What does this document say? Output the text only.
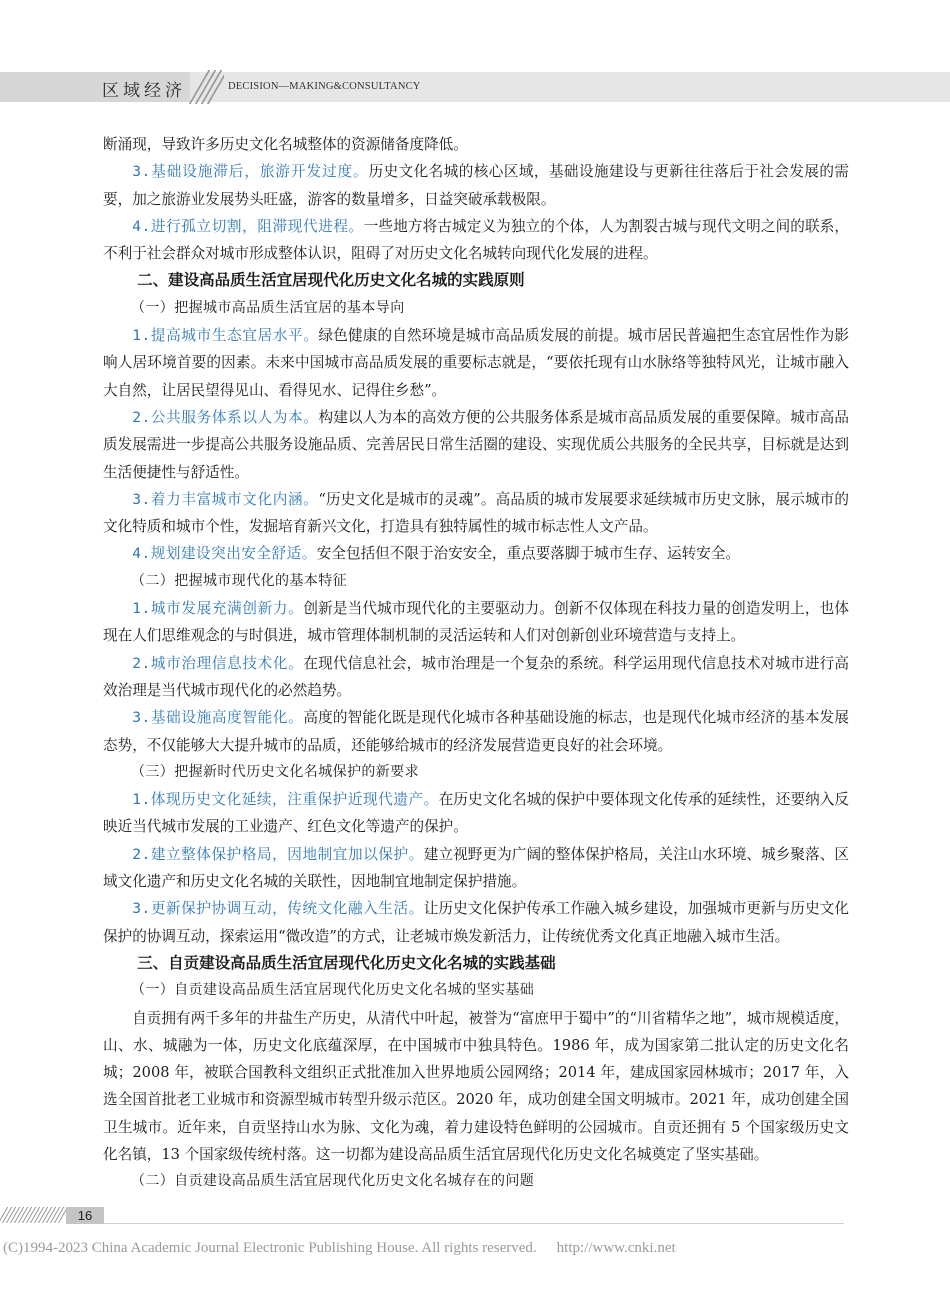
区域经济	DECISION—MAKING&CONSULTANCY

断涌现，导致许多历史文化名城整体的资源储备度降低。

3.基础设施滞后，旅游开发过度。历史文化名城的核心区域，基础设施建设与更新往往落后于社会发展的需要，加之旅游业发展势头旺盛，游客的数量增多，日益突破承载极限。

4.进行孤立切割，阻滞现代进程。一些地方将古城定义为独立的个体，人为割裂古城与现代文明之间的联系，不利于社会群众对城市形成整体认识，阻碍了对历史文化名城转向现代化发展的进程。

二、建设高品质生活宜居现代化历史文化名城的实践原则

（一）把握城市高品质生活宜居的基本导向

1.提高城市生态宜居水平。绿色健康的自然环境是城市高品质发展的前提。城市居民普遍把生态宜居性作为影响人居环境首要的因素。未来中国城市高品质发展的重要标志就是，“要依托现有山水脉络等独特风光，让城市融入大自然，让居民望得见山、看得见水、记得住乡愁”。

2.公共服务体系以人为本。构建以人为本的高效方便的公共服务体系是城市高品质发展的重要保障。城市高品质发展需进一步提高公共服务设施品质、完善居民日常生活圈的建设、实现优质公共服务的全民共享，目标就是达到生活便捷性与舒适性。

3.着力丰富城市文化内涵。“历史文化是城市的灵魂”。高品质的城市发展要求延续城市历史文脉，展示城市的文化特质和城市个性，发掘培育新兴文化，打造具有独特属性的城市标志性人文产品。

4.规划建设突出安全舒适。安全包括但不限于治安安全，重点要落脚于城市生存、运转安全。

（二）把握城市现代化的基本特征

1.城市发展充满创新力。创新是当代城市现代化的主要驱动力。创新不仅体现在科技力量的创造发明上，也体现在人们思维观念的与时俱进，城市管理体制机制的灵活运转和人们对创新创业环境营造与支持上。

2.城市治理信息技术化。在现代信息社会，城市治理是一个复杂的系统。科学运用现代信息技术对城市进行高效治理是当代城市现代化的必然趋势。

3.基础设施高度智能化。高度的智能化既是现代化城市各种基础设施的标志，也是现代化城市经济的基本发展态势，不仅能够大大提升城市的品质，还能够给城市的经济发展营造更良好的社会环境。

（三）把握新时代历史文化名城保护的新要求

1.体现历史文化延续，注重保护近现代遗产。在历史文化名城的保护中要体现文化传承的延续性，还要纳入反映近当代城市发展的工业遗产、红色文化等遗产的保护。

2.建立整体保护格局，因地制宜加以保护。建立视野更为广阔的整体保护格局，关注山水环境、城乡聚落、区域文化遗产和历史文化名城的关联性，因地制宜地制定保护措施。

3.更新保护协调互动，传统文化融入生活。让历史文化保护传承工作融入城乡建设，加强城市更新与历史文化保护的协调互动，探索运用“微改造”的方式，让老城市焕发新活力，让传统优秀文化真正地融入城市生活。

三、自贡建设高品质生活宜居现代化历史文化名城的实践基础

（一）自贡建设高品质生活宜居现代化历史文化名城的坚实基础

自贡拥有两千多年的井盐生产历史，从清代中叶起，被誉为“富庶甲于蜀中”的“川省精华之地”，城市规模适度，山、水、城融为一体，历史文化底蕴深厚，在中国城市中独具特色。1986 年，成为国家第二批认定的历史文化名城；2008 年，被联合国教科文组织正式批准加入世界地质公园网络；2014 年，建成国家园林城市；2017 年，入选全国首批老工业城市和资源型城市转型升级示范区。2020 年，成功创建全国文明城市。2021 年，成功创建全国卫生城市。近年来，自贡坚持山水为脉、文化为魂，着力建设特色鲜明的公园城市。自贡还拥有 5 个国家级历史文化名镇，13 个国家级传统村落。这一切都为建设高品质生活宜居现代化历史文化名城奠定了坚实基础。

（二）自贡建设高品质生活宜居现代化历史文化名城存在的问题

16
(C)1994-2023 China Academic Journal Electronic Publishing House. All rights reserved. http://www.cnki.net
